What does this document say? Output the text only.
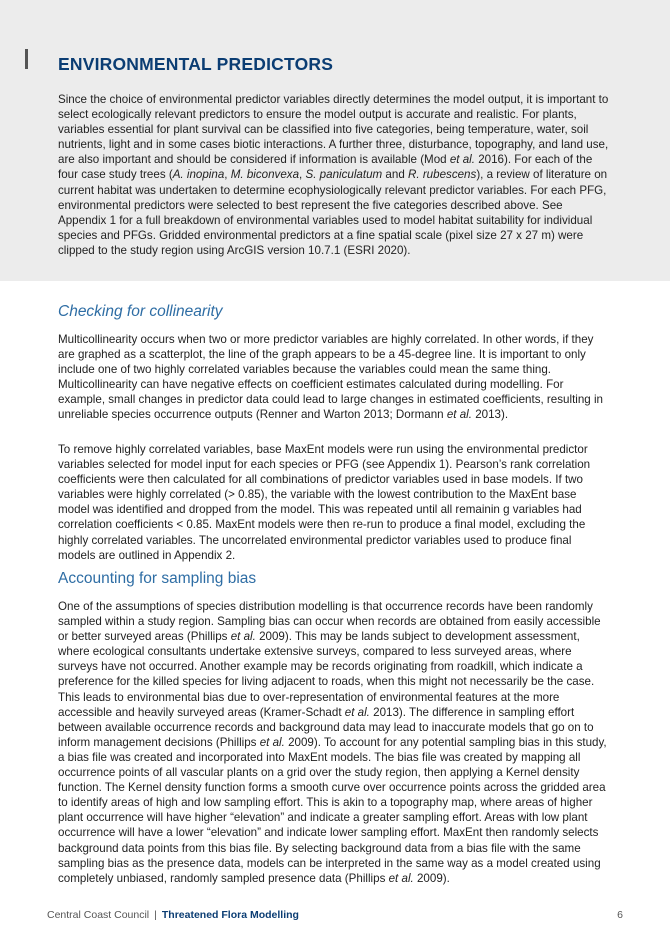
ENVIRONMENTAL PREDICTORS

Since the choice of environmental predictor variables directly determines the model output, it is important to select ecologically relevant predictors to ensure the model output is accurate and realistic. For plants, variables essential for plant survival can be classified into five categories, being temperature, water, soil nutrients, light and in some cases biotic interactions. A further three, disturbance, topography, and land use, are also important and should be considered if information is available (Mod et al. 2016). For each of the four case study trees (A. inopina, M. biconvexa, S. paniculatum and R. rubescens), a review of literature on current habitat was undertaken to determine ecophysiologically relevant predictor variables. For each PFG, environmental predictors were selected to best represent the five categories described above. See Appendix 1 for a full breakdown of environmental variables used to model habitat suitability for individual species and PFGs. Gridded environmental predictors at a fine spatial scale (pixel size 27 x 27 m) were clipped to the study region using ArcGIS version 10.7.1 (ESRI 2020).

Checking for collinearity

Multicollinearity occurs when two or more predictor variables are highly correlated. In other words, if they are graphed as a scatterplot, the line of the graph appears to be a 45-degree line. It is important to only include one of two highly correlated variables because the variables could mean the same thing. Multicollinearity can have negative effects on coefficient estimates calculated during modelling. For example, small changes in predictor data could lead to large changes in estimated coefficients, resulting in unreliable species occurrence outputs (Renner and Warton 2013; Dormann et al. 2013).

To remove highly correlated variables, base MaxEnt models were run using the environmental predictor variables selected for model input for each species or PFG (see Appendix 1). Pearson’s rank correlation coefficients were then calculated for all combinations of predictor variables used in base models. If two variables were highly correlated (> 0.85), the variable with the lowest contribution to the MaxEnt base model was identified and dropped from the model. This was repeated until all remainin g variables had correlation coefficients < 0.85. MaxEnt models were then re-run to produce a final model, excluding the highly correlated variables. The uncorrelated environmental predictor variables used to produce final models are outlined in Appendix 2.

Accounting for sampling bias

One of the assumptions of species distribution modelling is that occurrence records have been randomly sampled within a study region. Sampling bias can occur when records are obtained from easily accessible or better surveyed areas (Phillips et al. 2009). This may be lands subject to development assessment, where ecological consultants undertake extensive surveys, compared to less surveyed areas, where surveys have not occurred. Another example may be records originating from roadkill, which indicate a preference for the killed species for living adjacent to roads, when this might not necessarily be the case. This leads to environmental bias due to over-representation of environmental features at the more accessible and heavily surveyed areas (Kramer-Schadt et al. 2013). The difference in sampling effort between available occurrence records and background data may lead to inaccurate models that go on to inform management decisions (Phillips et al. 2009). To account for any potential sampling bias in this study, a bias file was created and incorporated into MaxEnt models. The bias file was created by mapping all occurrence points of all vascular plants on a grid over the study region, then applying a Kernel density function. The Kernel density function forms a smooth curve over occurrence points across the gridded area to identify areas of high and low sampling effort. This is akin to a topography map, where areas of higher plant occurrence will have higher “elevation” and indicate a greater sampling effort. Areas with low plant occurrence will have a lower “elevation” and indicate lower sampling effort. MaxEnt then randomly selects background data points from this bias file. By selecting background data from a bias file with the same sampling bias as the presence data, models can be interpreted in the same way as a model created using completely unbiased, randomly sampled presence data (Phillips et al. 2009).

Central Coast Council | Threatened Flora Modelling	6
